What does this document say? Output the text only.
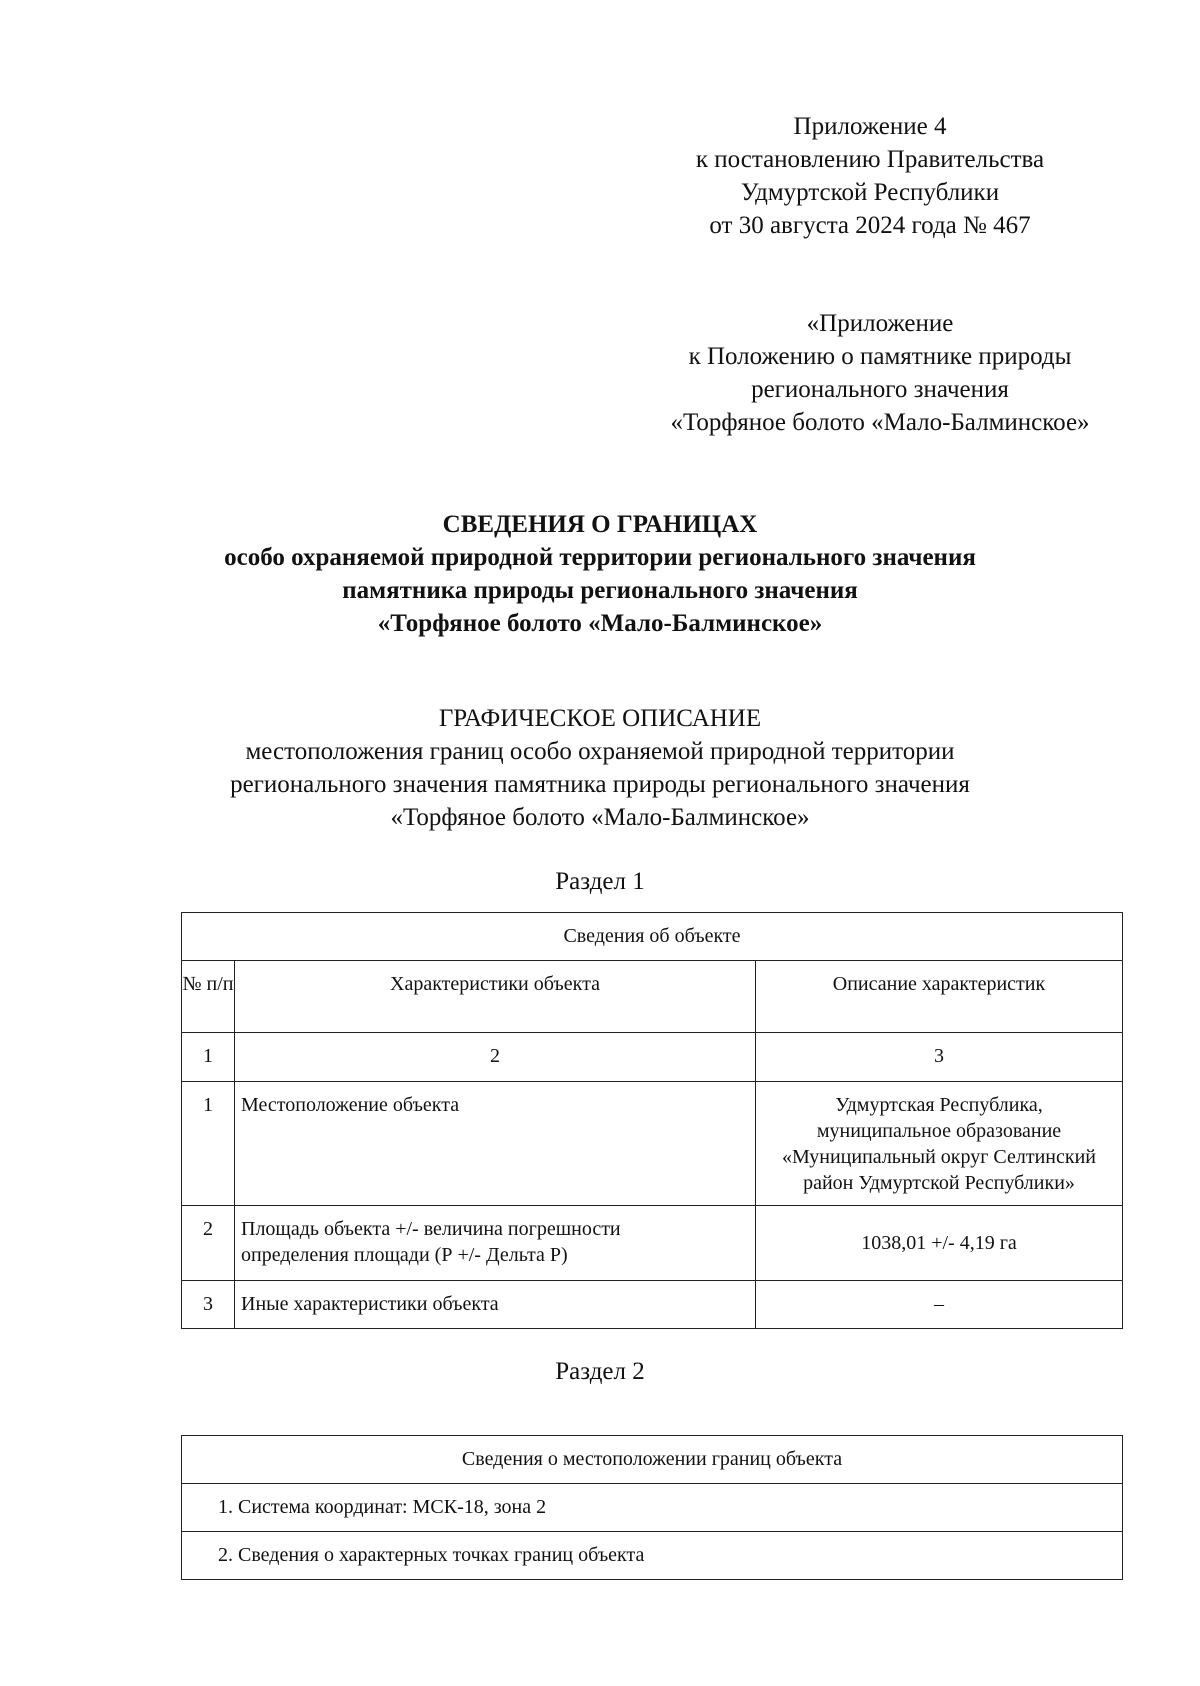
Приложение 4
к постановлению Правительства
Удмуртской Республики
от 30 августа 2024 года № 467
«Приложение
к Положению о памятнике природы
регионального значения
«Торфяное болото «Мало-Балминское»
СВЕДЕНИЯ О ГРАНИЦАХ
особо охраняемой природной территории регионального значения
памятника природы регионального значения
«Торфяное болото «Мало-Балминское»
ГРАФИЧЕСКОЕ ОПИСАНИЕ
местоположения границ особо охраняемой природной территории
регионального значения памятника природы регионального значения
«Торфяное болото «Мало-Балминское»
Раздел 1
Сведения об объекте		
№ п/п	Характеристики объекта	Описание характеристик
1	2	3
1	Местоположение объекта	Удмуртская Республика, муниципальное образование «Муниципальный округ Селтинский район Удмуртской Республики»
2	Площадь объекта +/- величина погрешности определения площади (Р +/- Дельта Р)	1038,01 +/- 4,19 га
3	Иные характеристики объекта	–
Раздел 2
Сведения о местоположении границ объекта
1. Система координат: МСК-18, зона 2
2. Сведения о характерных точках границ объекта
